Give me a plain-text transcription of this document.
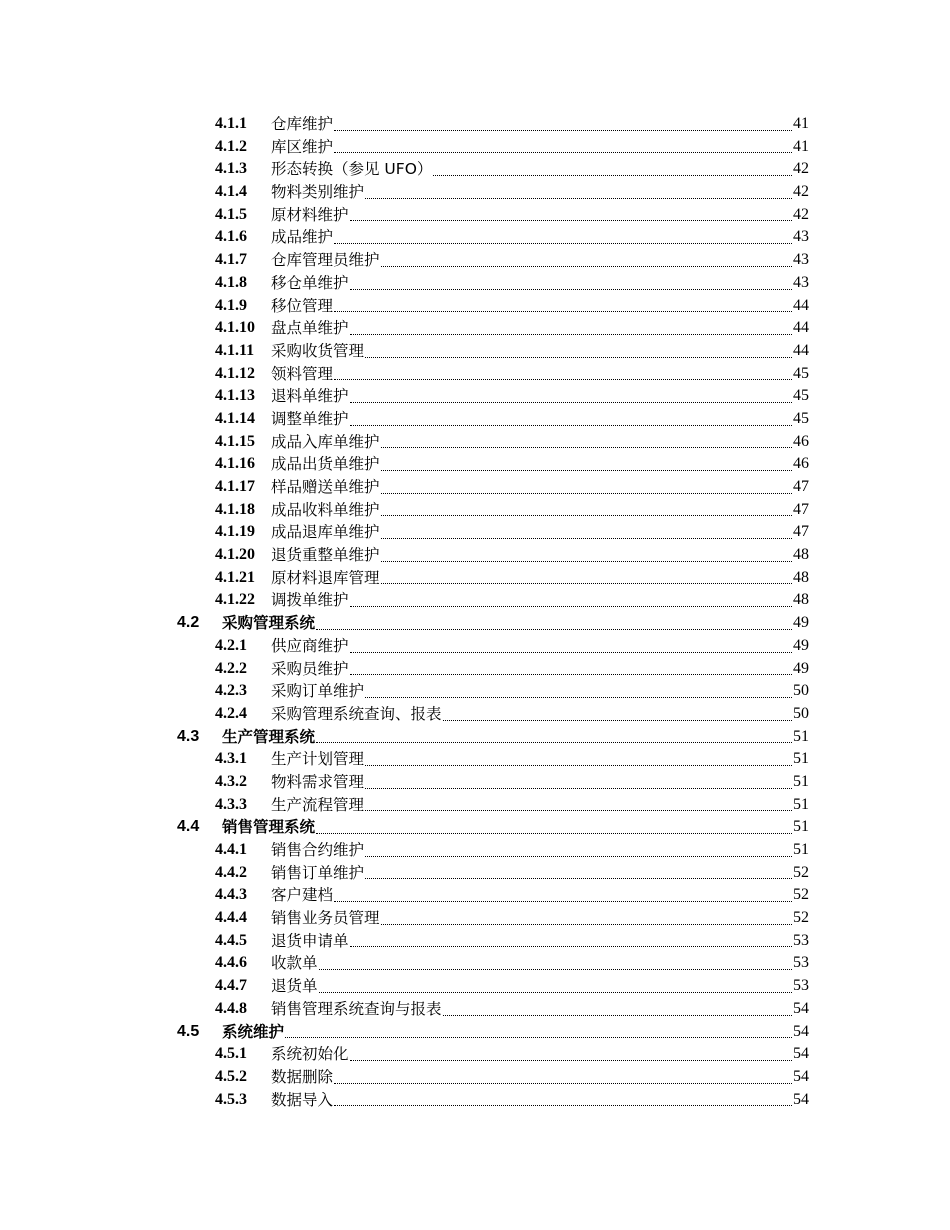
4.1.1	仓库维护	41
4.1.2	库区维护	41
4.1.3	形态转换（参见 UFO）	42
4.1.4	物料类别维护	42
4.1.5	原材料维护	42
4.1.6	成品维护	43
4.1.7	仓库管理员维护	43
4.1.8	移仓单维护	43
4.1.9	移位管理	44
4.1.10	盘点单维护	44
4.1.11	采购收货管理	44
4.1.12	领料管理	45
4.1.13	退料单维护	45
4.1.14	调整单维护	45
4.1.15	成品入库单维护	46
4.1.16	成品出货单维护	46
4.1.17	样品赠送单维护	47
4.1.18	成品收料单维护	47
4.1.19	成品退库单维护	47
4.1.20	退货重整单维护	48
4.1.21	原材料退库管理	48
4.1.22	调拨单维护	48
4.2	采购管理系统	49
4.2.1	供应商维护	49
4.2.2	采购员维护	49
4.2.3	采购订单维护	50
4.2.4	采购管理系统查询、报表	50
4.3	生产管理系统	51
4.3.1	生产计划管理	51
4.3.2	物料需求管理	51
4.3.3	生产流程管理	51
4.4	销售管理系统	51
4.4.1	销售合约维护	51
4.4.2	销售订单维护	52
4.4.3	客户建档	52
4.4.4	销售业务员管理	52
4.4.5	退货申请单	53
4.4.6	收款单	53
4.4.7	退货单	53
4.4.8	销售管理系统查询与报表	54
4.5	系统维护	54
4.5.1	系统初始化	54
4.5.2	数据删除	54
4.5.3	数据导入	54
